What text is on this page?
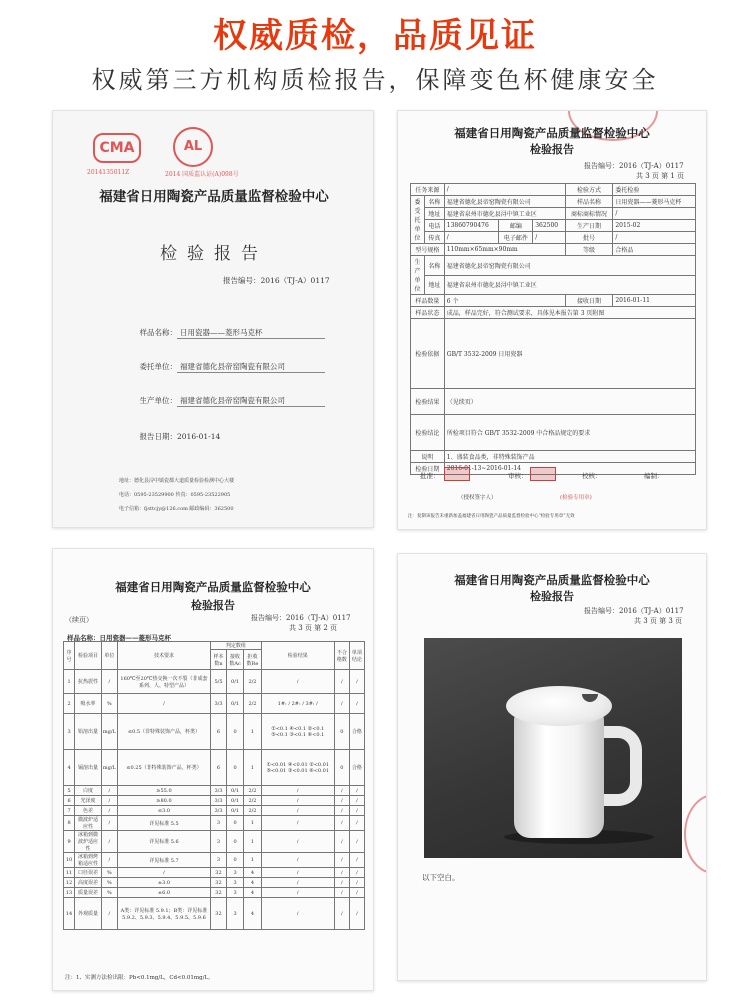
权威质检，品质见证
权威第三方机构质检报告，保障变色杯健康安全
CMA	AL
2014135011Z	2014 国质监认证(A)098号
福建省日用陶瓷产品质量监督检验中心
检验报告
报告编号：2016（TJ-A）0117
样品名称： 日用瓷器——菱形马克杯
委托单位： 福建省德化县帝窑陶瓷有限公司
生产单位： 福建省德化县帝窑陶瓷有限公司
报告日期：2016-01-14
地址：德化县浔中镇瓷都大道质量检验检测中心大楼
电话：0595-23529900 传真：0595-23522905
电子信箱：fjsttcjy@126.com 邮政编码：362500
福建省日用陶瓷产品质量监督检验中心
检验报告
报告编号：2016（TJ-A）0117
共 3 页 第 1 页
任务来源		/			检验方式	委托检验
委受托单位	名称	福建省德化县帝窑陶瓷有限公司			样品名称	日用瓷器——菱形马克杯
	地址	福建省泉州市德化县浔中镇工业区			商标商标情况	/
	电话	13860790476	邮编	362500	生产日期	2015-02
	传真	/	电子邮件	/	批号	/
型号规格		110mm×65mm×90mm			等级	合格品
生产单位	名称	福建省德化县帝窑陶瓷有限公司				
	地址	福建省泉州市德化县浔中镇工业区				
样品数量		6 个			接收日期	2016-01-11
样品状态		成品，样品完好，符合测试要求，具体见本报告第 3 页附图				
检验依据		GB/T 3532-2009 日用瓷器				
检验结果		（见续页）				
检验结论		所检项目符合 GB/T 3532-2009 中合格品规定的要求				
说明		1、盛装食品类，非特殊装饰产品				
检验日期		2016-01-13~2016-01-14				
批准：	审核：	校核：	编制：
（授权签字人）	(检验专用章)
注：复制该报告未重新加盖福建省日用陶瓷产品质量监督检验中心“检验专用章”无效
福建省日用陶瓷产品质量监督检验中心
检验报告
报告编号：2016（TJ-A）0117
共 3 页 第 2 页
（续页）
样品名称：日用瓷器——菱形马克杯
序号	检验项目	单位	技术要求	判定数组			检验结果	不合格数	单项结论
				样本数n	接收数Ac	拒收数Re			
1	抗热震性	/	160℃至20℃热交换一次不裂（非成套系列、人、特型产品）	5/5	0/1	2/2	/	/	/
2	吸水率	%	/	3/3	0/1	2/2	1#: / 2#: / 3#: /	/	/
3	铅溶出量	mg/L	≤0.5（非特殊装饰产品，杯类）	6	0	1	①<0.1 ④<0.1 ②<0.1 ⑤<0.1 ③<0.1 ⑥<0.1	0	合格
4	镉溶出量	mg/L	≤0.25（非特殊装饰产品，杯类）	6	0	1	①<0.01 ④<0.01 ②<0.01 ⑤<0.01 ③<0.01 ⑥<0.01	0	合格
5	白度	/	≥55.0	3/3	0/1	2/2	/	/	/
6	光泽度	/	≥80.0	3/3	0/1	2/2	/	/	/
7	色差	/	≤3.0	3/3	0/1	2/2	/	/	/
8	微波炉适应性	/	详见标准 5.5	3	0	1	/	/	/
9	冰箱到微波炉适应性	/	详见标准 5.6	3	0	1	/	/	/
10	冰箱到烤箱适应性	/	详见标准 5.7	3	0	1	/	/	/
11	口径误差	%	/	32	3	4	/	/	/
12	高度误差	%	±3.0	32	3	4	/	/	/
13	质量误差	%	±6.0	32	3	4	/	/	/
14	外观质量	/	A类：详见标准 5.9.1；B类：详见标准 5.9.2、5.9.3、5.9.4、5.9.5、5.9.6	32	3	4	/	/	/
注：1、实测方法检出限：Pb<0.1mg/L，Cd<0.01mg/L。
福建省日用陶瓷产品质量监督检验中心
检验报告
报告编号：2016（TJ-A）0117
共 3 页 第 3 页
以下空白。
